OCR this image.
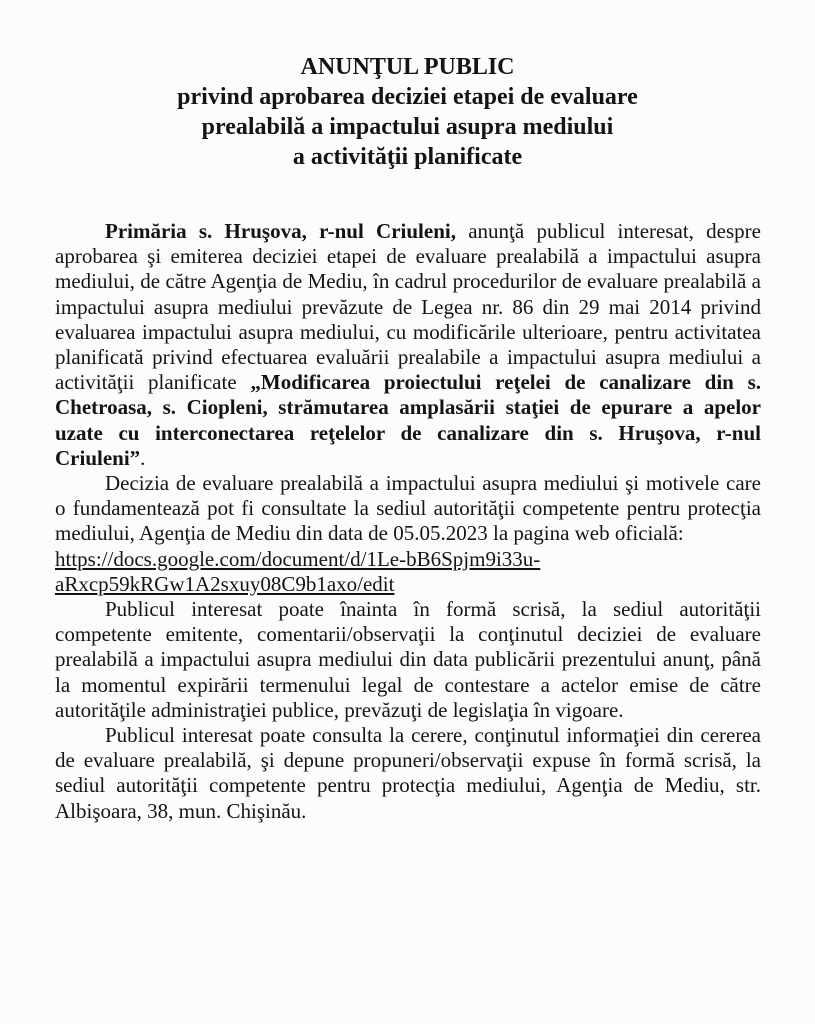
ANUNŢUL PUBLIC
privind aprobarea deciziei etapei de evaluare
prealabilă a impactului asupra mediului
a activităţii planificate

Primăria s. Hruşova, r-nul Criuleni, anunţă publicul interesat, despre aprobarea şi emiterea deciziei etapei de evaluare prealabilă a impactului asupra mediului, de către Agenţia de Mediu, în cadrul procedurilor de evaluare prealabilă a impactului asupra mediului prevăzute de Legea nr. 86 din 29 mai 2014 privind evaluarea impactului asupra mediului, cu modificările ulterioare, pentru activitatea planificată privind efectuarea evaluării prealabile a impactului asupra mediului a activităţii planificate „Modificarea proiectului reţelei de canalizare din s. Chetroasa, s. Ciopleni, strămutarea amplasării staţiei de epurare a apelor uzate cu interconectarea reţelelor de canalizare din s. Hruşova, r-nul Criuleni”.

Decizia de evaluare prealabilă a impactului asupra mediului şi motivele care o fundamentează pot fi consultate la sediul autorităţii competente pentru protecţia mediului, Agenţia de Mediu din data de 05.05.2023 la pagina web oficială:

https://docs.google.com/document/d/1Le-bB6Spjm9i33u-
aRxcp59kRGw1A2sxuy08C9b1axo/edit

Publicul interesat poate înainta în formă scrisă, la sediul autorităţii competente emitente, comentarii/observaţii la conţinutul deciziei de evaluare prealabilă a impactului asupra mediului din data publicării prezentului anunţ, până la momentul expirării termenului legal de contestare a actelor emise de către autorităţile administraţiei publice, prevăzuţi de legislaţia în vigoare.

Publicul interesat poate consulta la cerere, conţinutul informaţiei din cererea de evaluare prealabilă, şi depune propuneri/observaţii expuse în formă scrisă, la sediul autorităţii competente pentru protecţia mediului, Agenţia de Mediu, str. Albişoara, 38, mun. Chişinău.
